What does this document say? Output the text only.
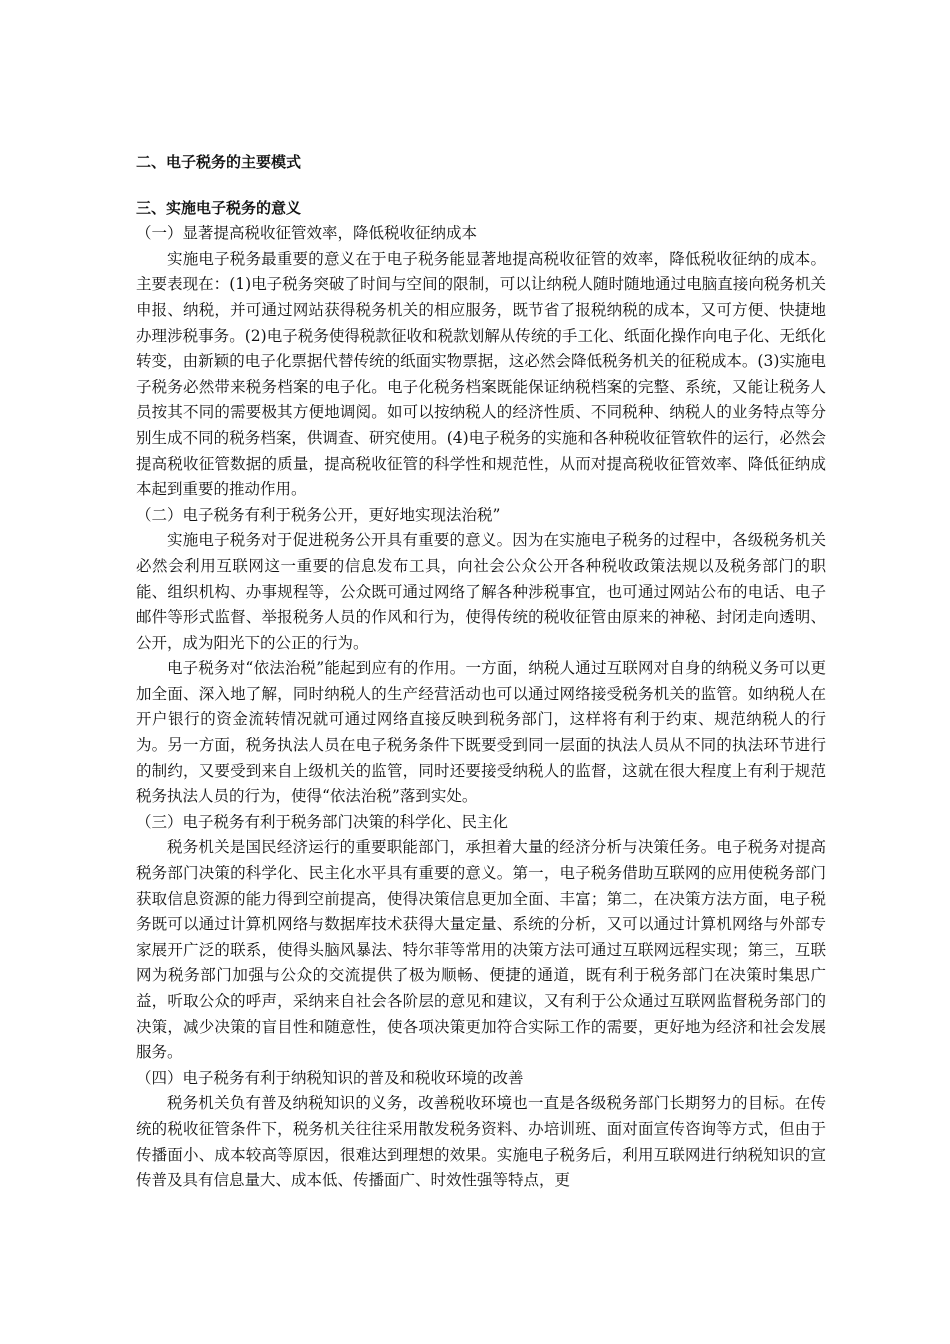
二、电子税务的主要模式

三、实施电子税务的意义

（一）显著提高税收征管效率，降低税收征纳成本

实施电子税务最重要的意义在于电子税务能显著地提高税收征管的效率，降低税收征纳的成本。主要表现在：(1)电子税务突破了时间与空间的限制，可以让纳税人随时随地通过电脑直接向税务机关申报、纳税，并可通过网站获得税务机关的相应服务，既节省了报税纳税的成本，又可方便、快捷地办理涉税事务。(2)电子税务使得税款征收和税款划解从传统的手工化、纸面化操作向电子化、无纸化转变，由新颖的电子化票据代替传统的纸面实物票据，这必然会降低税务机关的征税成本。(3)实施电子税务必然带来税务档案的电子化。电子化税务档案既能保证纳税档案的完整、系统，又能让税务人员按其不同的需要极其方便地调阅。如可以按纳税人的经济性质、不同税种、纳税人的业务特点等分别生成不同的税务档案，供调查、研究使用。(4)电子税务的实施和各种税收征管软件的运行，必然会提高税收征管数据的质量，提高税收征管的科学性和规范性，从而对提高税收征管效率、降低征纳成本起到重要的推动作用。

（二）电子税务有利于税务公开，更好地实现法治税”

实施电子税务对于促进税务公开具有重要的意义。因为在实施电子税务的过程中，各级税务机关必然会利用互联网这一重要的信息发布工具，向社会公众公开各种税收政策法规以及税务部门的职能、组织机构、办事规程等，公众既可通过网络了解各种涉税事宜，也可通过网站公布的电话、电子邮件等形式监督、举报税务人员的作风和行为，使得传统的税收征管由原来的神秘、封闭走向透明、公开，成为阳光下的公正的行为。

电子税务对“依法治税”能起到应有的作用。一方面，纳税人通过互联网对自身的纳税义务可以更加全面、深入地了解，同时纳税人的生产经营活动也可以通过网络接受税务机关的监管。如纳税人在开户银行的资金流转情况就可通过网络直接反映到税务部门，这样将有利于约束、规范纳税人的行为。另一方面，税务执法人员在电子税务条件下既要受到同一层面的执法人员从不同的执法环节进行的制约，又要受到来自上级机关的监管，同时还要接受纳税人的监督，这就在很大程度上有利于规范税务执法人员的行为，使得“依法治税”落到实处。

（三）电子税务有利于税务部门决策的科学化、民主化

税务机关是国民经济运行的重要职能部门，承担着大量的经济分析与决策任务。电子税务对提高税务部门决策的科学化、民主化水平具有重要的意义。第一，电子税务借助互联网的应用使税务部门获取信息资源的能力得到空前提高，使得决策信息更加全面、丰富；第二，在决策方法方面，电子税务既可以通过计算机网络与数据库技术获得大量定量、系统的分析，又可以通过计算机网络与外部专家展开广泛的联系，使得头脑风暴法、特尔菲等常用的决策方法可通过互联网远程实现；第三，互联网为税务部门加强与公众的交流提供了极为顺畅、便捷的通道，既有利于税务部门在决策时集思广益，听取公众的呼声，采纳来自社会各阶层的意见和建议，又有利于公众通过互联网监督税务部门的决策，减少决策的盲目性和随意性，使各项决策更加符合实际工作的需要，更好地为经济和社会发展服务。

（四）电子税务有利于纳税知识的普及和税收环境的改善

税务机关负有普及纳税知识的义务，改善税收环境也一直是各级税务部门长期努力的目标。在传统的税收征管条件下，税务机关往往采用散发税务资料、办培训班、面对面宣传咨询等方式，但由于传播面小、成本较高等原因，很难达到理想的效果。实施电子税务后，利用互联网进行纳税知识的宣传普及具有信息量大、成本低、传播面广、时效性强等特点，更
